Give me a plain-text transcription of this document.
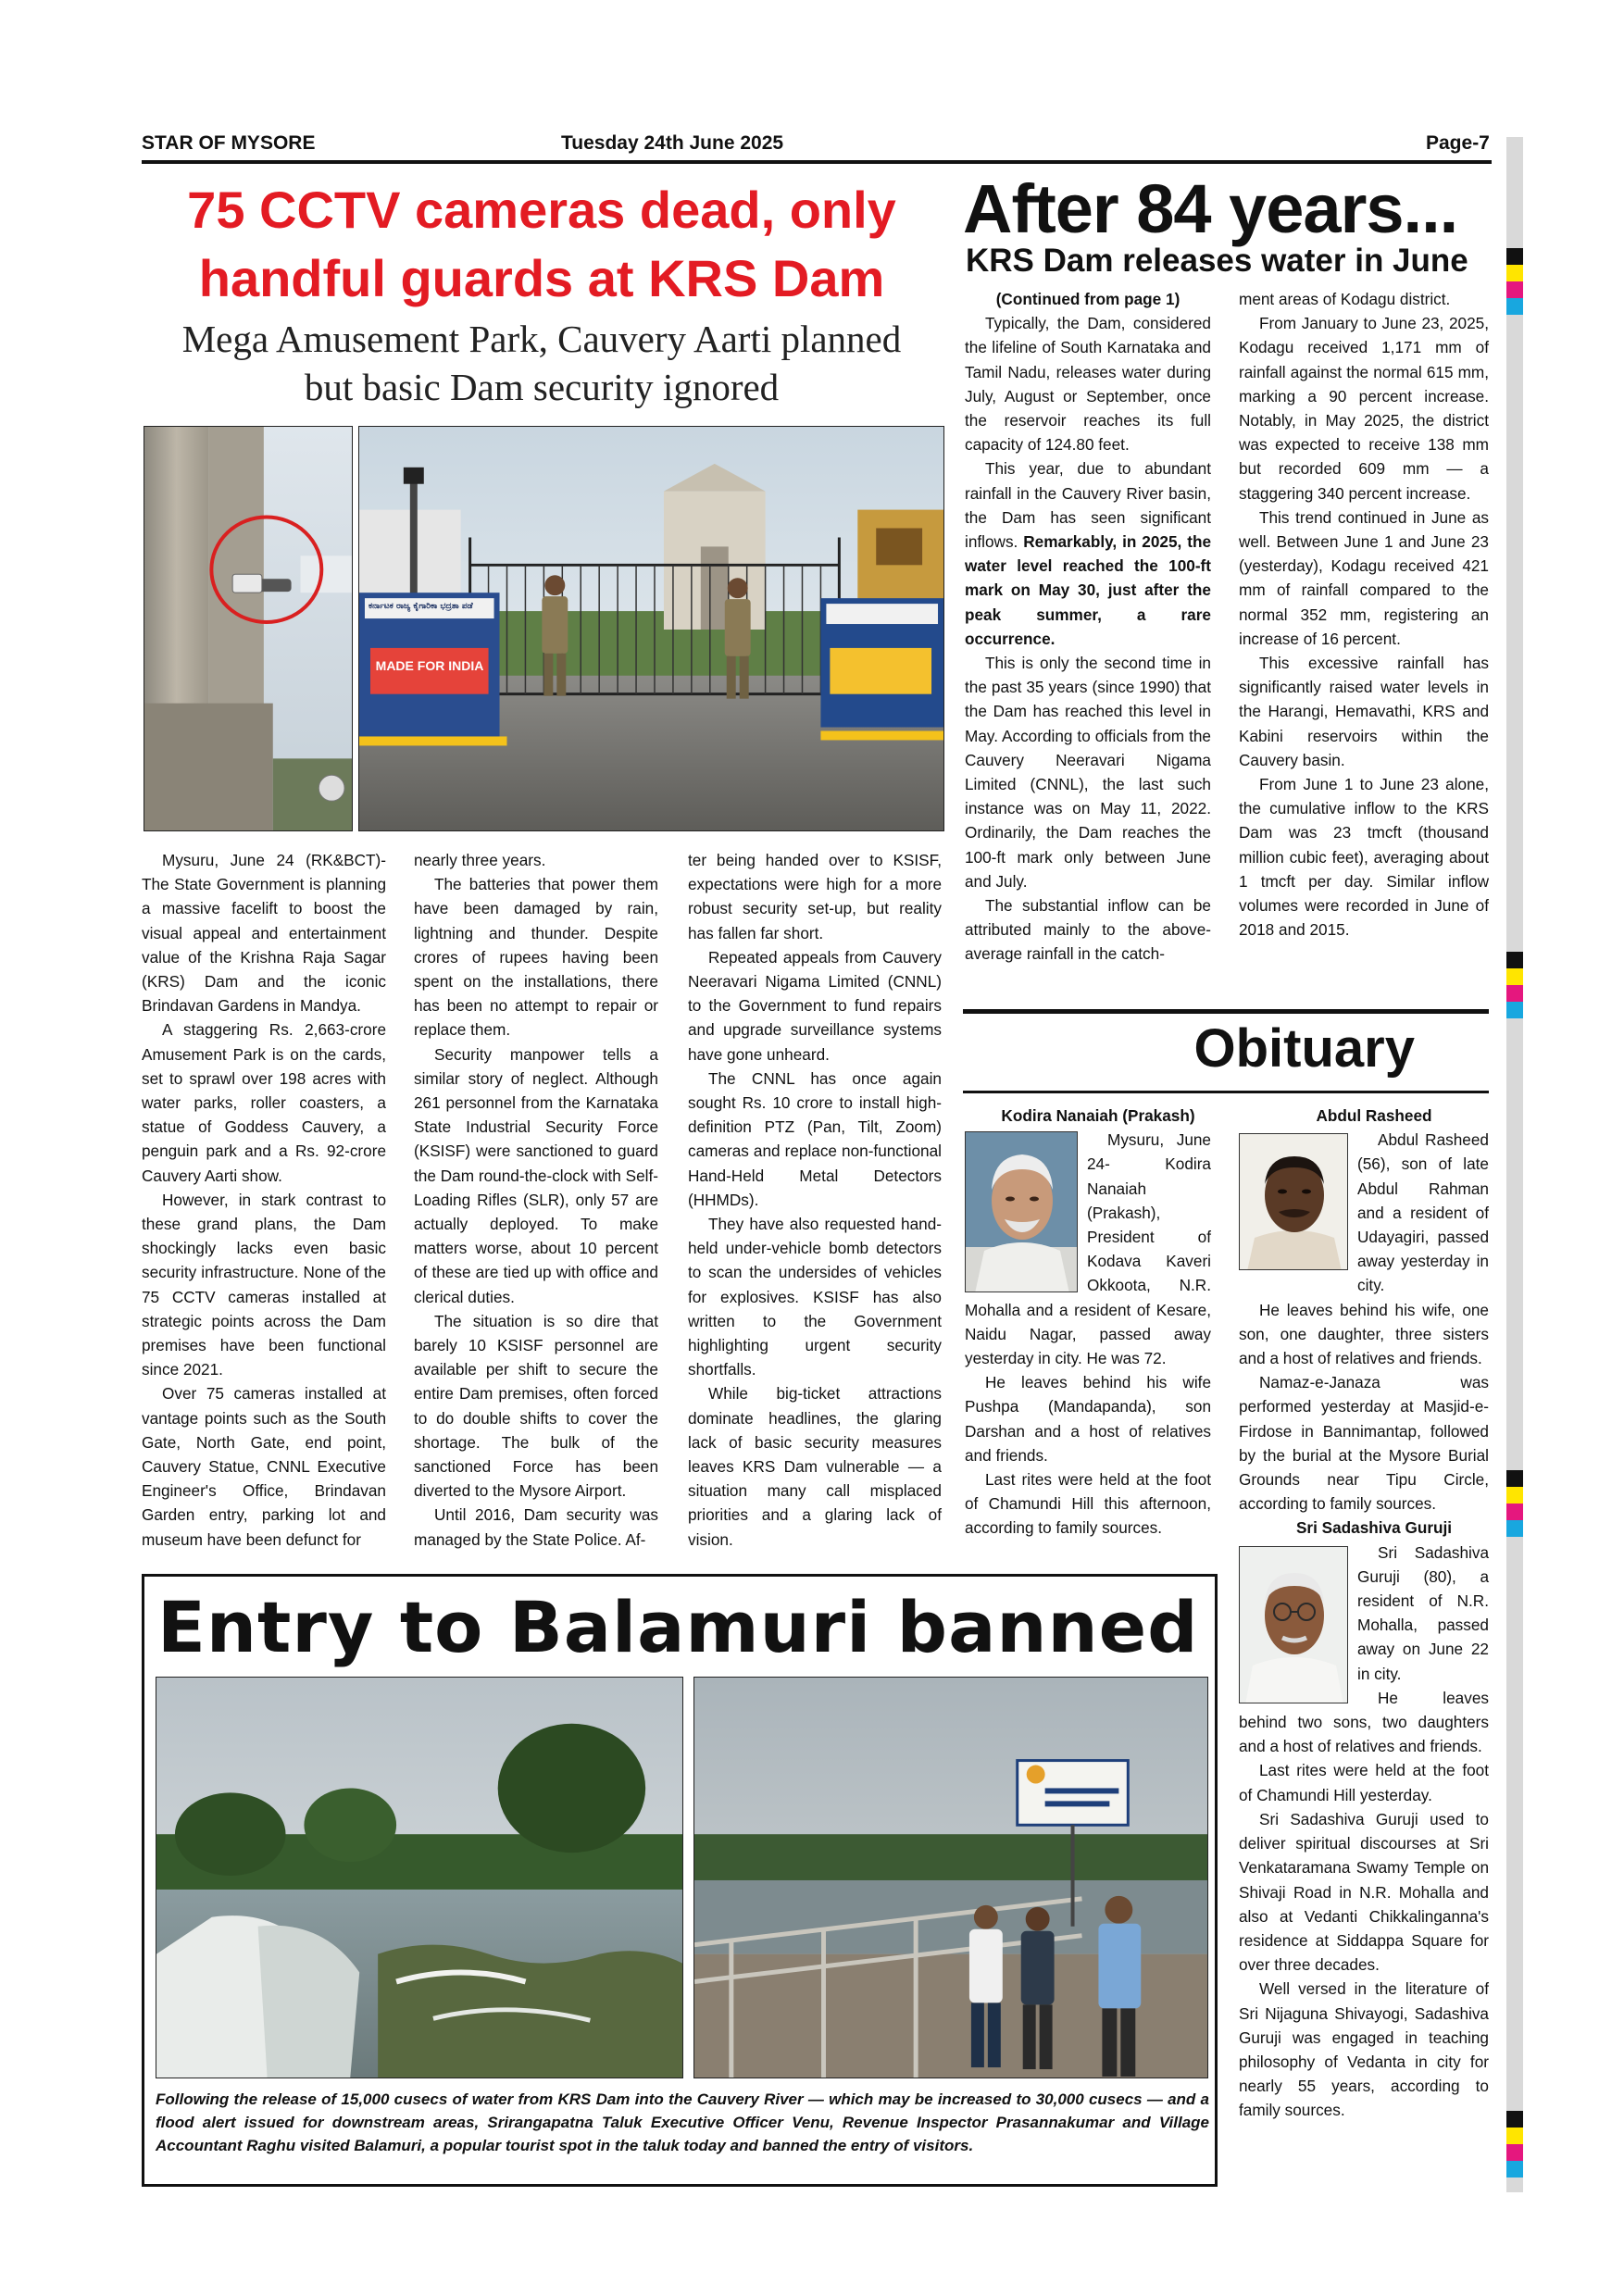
STAR OF MYSORE	Tuesday 24th June 2025	Page-7
75 CCTV cameras dead, only
handful guards at KRS Dam
Mega Amusement Park, Cauvery Aarti planned
but basic Dam security ignored
ಕರ್ನಾಟಕ ರಾಜ್ಯ ಕೈಗಾರಿಕಾ ಭದ್ರತಾ ಪಡೆ
MADE FOR INDIA

Mysuru, June 24 (RK&BCT)- The State Government is planning a massive facelift to boost the visual appeal and entertainment value of the Krishna Raja Sagar (KRS) Dam and the iconic Brindavan Gardens in Mandya.

A staggering Rs. 2,663-crore Amusement Park is on the cards, set to sprawl over 198 acres with water parks, roller coasters, a statue of Goddess Cauvery, a penguin park and a Rs. 92-crore Cauvery Aarti show.

However, in stark contrast to these grand plans, the Dam shockingly lacks even basic security infrastructure. None of the 75 CCTV cameras installed at strategic points across the Dam premises have been functional since 2021.

Over 75 cameras installed at vantage points such as the South Gate, North Gate, end point, Cauvery Statue, CNNL Executive Engineer's Office, Brindavan Garden entry, parking lot and museum have been defunct for

nearly three years.

The batteries that power them have been damaged by rain, lightning and thunder. Despite crores of rupees having been spent on the installations, there has been no attempt to repair or replace them.

Security manpower tells a similar story of neglect. Although 261 personnel from the Karnataka State Industrial Security Force (KSISF) were sanctioned to guard the Dam round-the-clock with Self-Loading Rifles (SLR), only 57 are actually deployed. To make matters worse, about 10 percent of these are tied up with office and clerical duties.

The situation is so dire that barely 10 KSISF personnel are available per shift to secure the entire Dam premises, often forced to do double shifts to cover the shortage. The bulk of the sanctioned Force has been diverted to the Mysore Airport.

Until 2016, Dam security was managed by the State Police. Af-

ter being handed over to KSISF, expectations were high for a more robust security set-up, but reality has fallen far short.

Repeated appeals from Cauvery Neeravari Nigama Limited (CNNL) to the Government to fund repairs and upgrade surveillance systems have gone unheard.

The CNNL has once again sought Rs. 10 crore to install high-definition PTZ (Pan, Tilt, Zoom) cameras and replace non-functional Hand-Held Metal Detectors (HHMDs).

They have also requested hand-held under-vehicle bomb detectors to scan the undersides of vehicles for explosives. KSISF has also written to the Government highlighting urgent security shortfalls.

While big-ticket attractions dominate headlines, the glaring lack of basic security measures leaves KRS Dam vulnerable — a situation many call misplaced priorities and a glaring lack of vision.

After 84 years...
KRS Dam releases water in June

(Continued from page 1)

Typically, the Dam, considered the lifeline of South Karnataka and Tamil Nadu, releases water during July, August or September, once the reservoir reaches its full capacity of 124.80 feet.

This year, due to abundant rainfall in the Cauvery River basin, the Dam has seen significant inflows. Remarkably, in 2025, the water level reached the 100-ft mark on May 30, just after the peak summer, a rare occurrence.

This is only the second time in the past 35 years (since 1990) that the Dam has reached this level in May. According to officials from the Cauvery Neeravari Nigama Limited (CNNL), the last such instance was on May 11, 2022. Ordinarily, the Dam reaches the 100-ft mark only between June and July.

The substantial inflow can be attributed mainly to the above-average rainfall in the catch-

ment areas of Kodagu district.

From January to June 23, 2025, Kodagu received 1,171 mm of rainfall against the normal 615 mm, marking a 90 percent increase. Notably, in May 2025, the district was expected to receive 138 mm but recorded 609 mm — a staggering 340 percent increase.

This trend continued in June as well. Between June 1 and June 23 (yesterday), Kodagu received 421 mm of rainfall compared to the normal 352 mm, registering an increase of 16 percent.

This excessive rainfall has significantly raised water levels in the Harangi, Hemavathi, KRS and Kabini reservoirs within the Cauvery basin.

From June 1 to June 23 alone, the cumulative inflow to the KRS Dam was 23 tmcft (thousand million cubic feet), averaging about 1 tmcft per day. Similar inflow volumes were recorded in June of 2018 and 2015.

Obituary

Kodira Nanaiah (Prakash)

Mysuru, June 24- Kodira Nanaiah (Prakash), President of Kodava Kaveri Okkoota, N.R. Mohalla and a resident of Kesare, Naidu Nagar, passed away yesterday in city. He was 72.

He leaves behind his wife Pushpa (Mandapanda), son Darshan and a host of relatives and friends.

Last rites were held at the foot of Chamundi Hill this afternoon, according to family sources.

Abdul Rasheed

Abdul Rasheed (56), son of late Abdul Rahman and a resident of Udayagiri, passed away yesterday in city.

He leaves behind his wife, one son, one daughter, three sisters and a host of relatives and friends.

Namaz-e-Janaza was performed yesterday at Masjid-e-Firdose in Bannimantap, followed by the burial at the Mysore Burial Grounds near Tipu Circle, according to family sources.

Sri Sadashiva Guruji

Sri Sadashiva Guruji (80), a resident of N.R. Mohalla, passed away on June 22 in city.

He leaves behind two sons, two daughters and a host of relatives and friends.

Last rites were held at the foot of Chamundi Hill yesterday.

Sri Sadashiva Guruji used to deliver spiritual discourses at Sri Venkataramana Swamy Temple on Shivaji Road in N.R. Mohalla and also at Vedanti Chikkalinganna's residence at Siddappa Square for over three decades.

Well versed in the literature of Sri Nijaguna Shivayogi, Sadashiva Guruji was engaged in teaching philosophy of Vedanta in city for nearly 55 years, according to family sources.

Entry to Balamuri banned
Following the release of 15,000 cusecs of water from KRS Dam into the Cauvery River — which may be increased to 30,000 cusecs — and a flood alert issued for downstream areas, Srirangapatna Taluk Executive Officer Venu, Revenue Inspector Prasannakumar and Village Accountant Raghu visited Balamuri, a popular tourist spot in the taluk today and banned the entry of visitors.
